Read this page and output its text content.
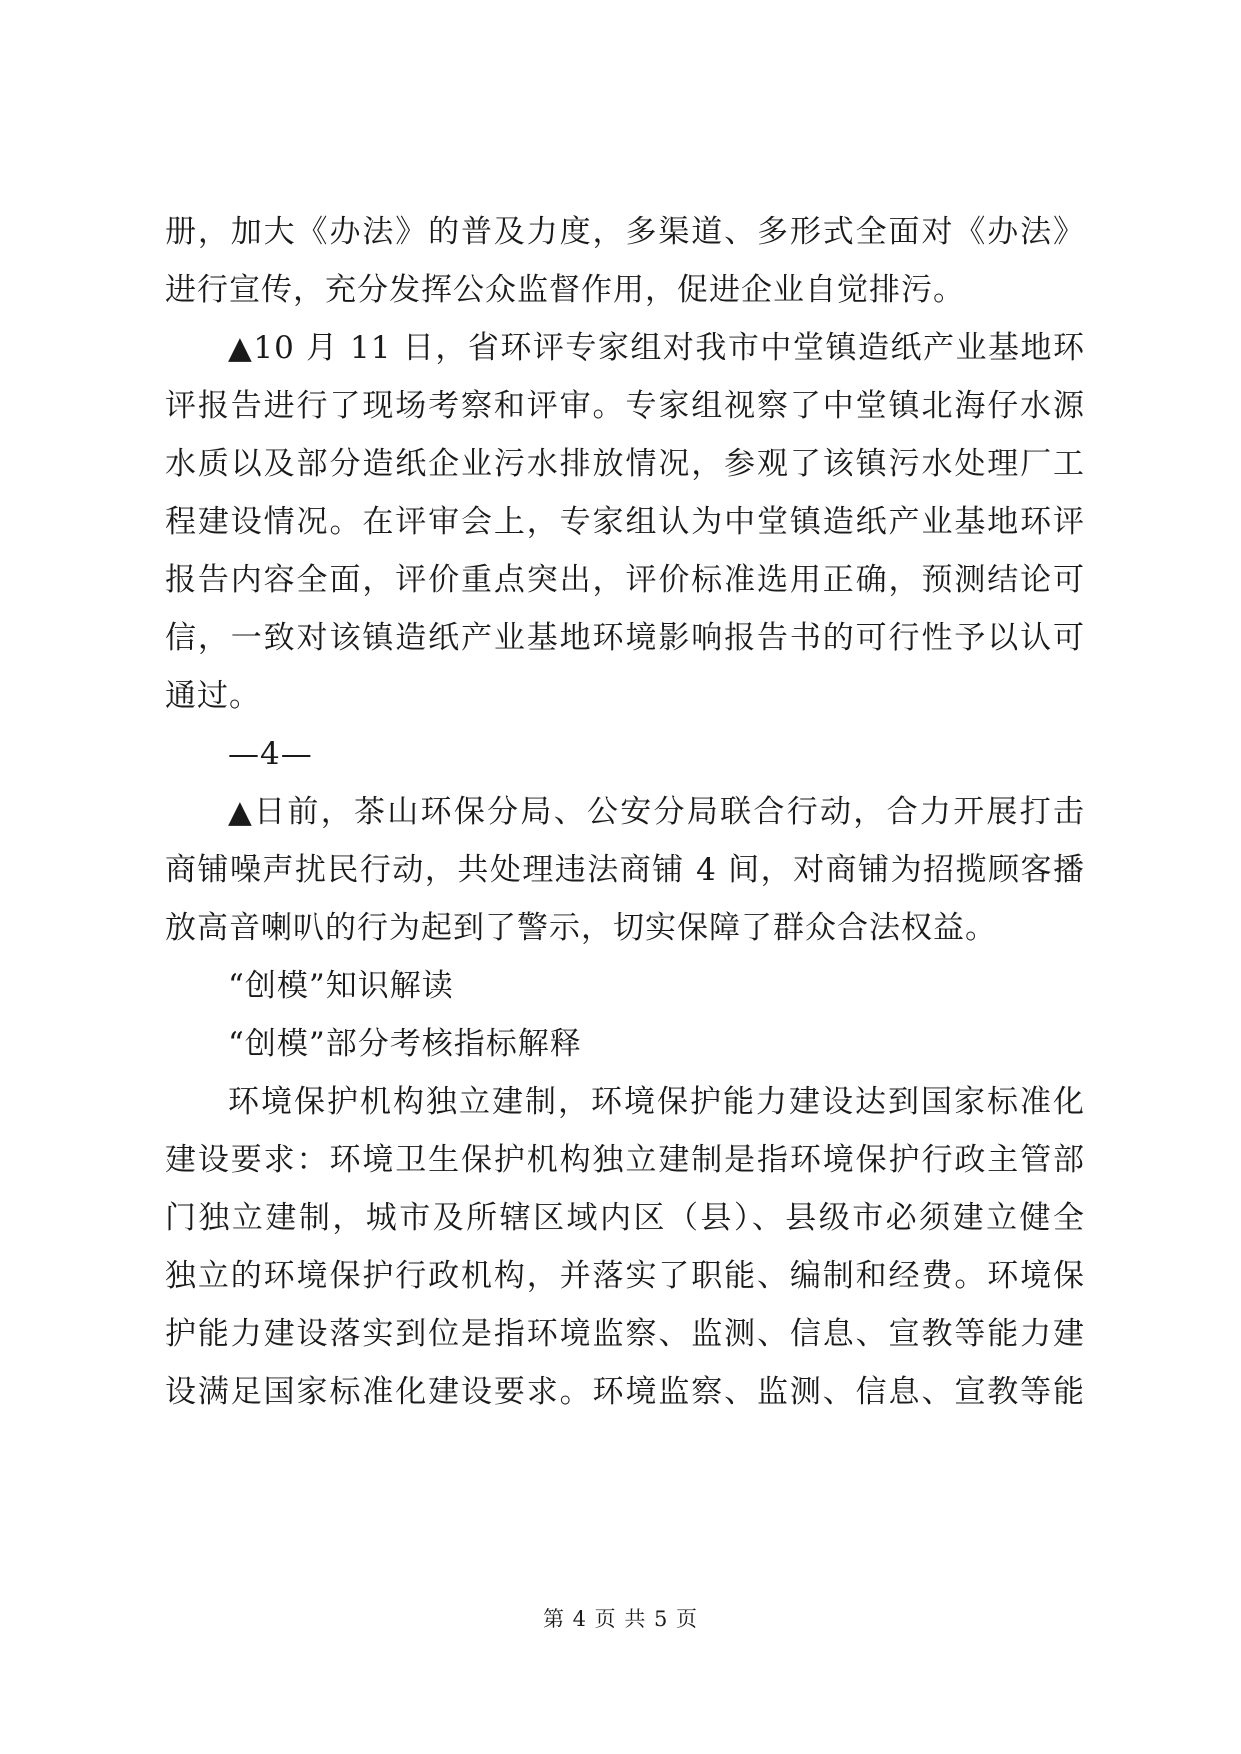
册，加大《办法》的普及力度，多渠道、多形式全面对《办法》
进行宣传，充分发挥公众监督作用，促进企业自觉排污。
▲10 月 11 日，省环评专家组对我市中堂镇造纸产业基地环
评报告进行了现场考察和评审。专家组视察了中堂镇北海仔水源
水质以及部分造纸企业污水排放情况，参观了该镇污水处理厂工
程建设情况。在评审会上，专家组认为中堂镇造纸产业基地环评
报告内容全面，评价重点突出，评价标准选用正确，预测结论可
信，一致对该镇造纸产业基地环境影响报告书的可行性予以认可
通过。
—4—
▲日前，茶山环保分局、公安分局联合行动，合力开展打击
商铺噪声扰民行动，共处理违法商铺 4 间，对商铺为招揽顾客播
放高音喇叭的行为起到了警示，切实保障了群众合法权益。
“创模”知识解读
“创模”部分考核指标解释
环境保护机构独立建制，环境保护能力建设达到国家标准化
建设要求：环境卫生保护机构独立建制是指环境保护行政主管部
门独立建制，城市及所辖区域内区（县）、县级市必须建立健全
独立的环境保护行政机构，并落实了职能、编制和经费。环境保
护能力建设落实到位是指环境监察、监测、信息、宣教等能力建
设满足国家标准化建设要求。环境监察、监测、信息、宣教等能
第 4 页 共 5 页
